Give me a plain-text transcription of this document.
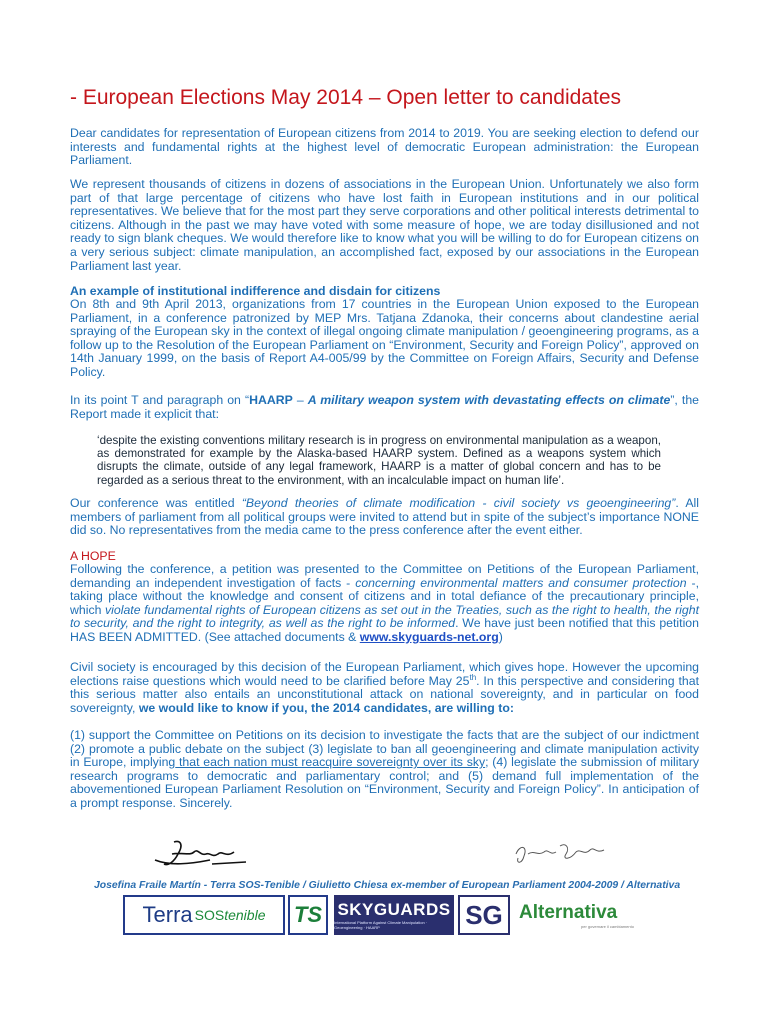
- European Elections May 2014 – Open letter to candidates
Dear candidates for representation of European citizens from 2014 to 2019. You are seeking election to defend our interests and fundamental rights at the highest level of democratic European administration: the European Parliament.
We represent thousands of citizens in dozens of associations in the European Union. Unfortunately we also form part of that large percentage of citizens who have lost faith in European institutions and in our political representatives. We believe that for the most part they serve corporations and other political interests detrimental to citizens. Although in the past we may have voted with some measure of hope, we are today disillusioned and not ready to sign blank cheques. We would therefore like to know what you will be willing to do for European citizens on a very serious subject: climate manipulation, an accomplished fact, exposed by our associations in the European Parliament last year.
An example of institutional indifference and disdain for citizens
On 8th and 9th April 2013, organizations from 17 countries in the European Union exposed to the European Parliament, in a conference patronized by MEP Mrs. Tatjana Zdanoka, their concerns about clandestine aerial spraying of the European sky in the context of illegal ongoing climate manipulation / geoengineering programs, as a follow up to the Resolution of the European Parliament on “Environment, Security and Foreign Policy”, approved on 14th January 1999, on the basis of Report A4-005/99 by the Committee on Foreign Affairs, Security and Defense Policy.
In its point T and paragraph on “HAARP – A military weapon system with devastating effects on climate”, the Report made it explicit that:
‘despite the existing conventions military research is in progress on environmental manipulation as a weapon, as demonstrated for example by the Alaska-based HAARP system. Defined as a weapons system which disrupts the climate, outside of any legal framework, HAARP is a matter of global concern and has to be regarded as a serious threat to the environment, with an incalculable impact on human life’.
Our conference was entitled “Beyond theories of climate modification - civil society vs geoengineering”. All members of parliament from all political groups were invited to attend but in spite of the subject’s importance NONE did so. No representatives from the media came to the press conference after the event either.
A HOPE
Following the conference, a petition was presented to the Committee on Petitions of the European Parliament, demanding an independent investigation of facts - concerning environmental matters and consumer protection -, taking place without the knowledge and consent of citizens and in total defiance of the precautionary principle, which violate fundamental rights of European citizens as set out in the Treaties, such as the right to health, the right to security, and the right to integrity, as well as the right to be informed. We have just been notified that this petition HAS BEEN ADMITTED. (See attached documents & www.skyguards-net.org)
Civil society is encouraged by this decision of the European Parliament, which gives hope. However the upcoming elections raise questions which would need to be clarified before May 25th. In this perspective and considering that this serious matter also entails an unconstitutional attack on national sovereignty, and in particular on food sovereignty, we would like to know if you, the 2014 candidates, are willing to:
(1) support the Committee on Petitions on its decision to investigate the facts that are the subject of our indictment (2) promote a public debate on the subject (3) legislate to ban all geoengineering and climate manipulation activity in Europe, implying that each nation must reacquire sovereignty over its sky; (4) legislate the submission of military research programs to democratic and parliamentary control; and (5) demand full implementation of the abovementioned European Parliament Resolution on “Environment, Security and Foreign Policy”. In anticipation of a prompt response. Sincerely.
Josefina Fraile Martín - Terra SOS-Tenible / Giulietto Chiesa ex-member of European Parliament 2004-2009 / Alternativa
Terra SOS tenible TS SKYGUARDS
International Platform Against Climate Manipulation · Geoengineering · HAARP	SG Alternativa
per governare il cambiamento
